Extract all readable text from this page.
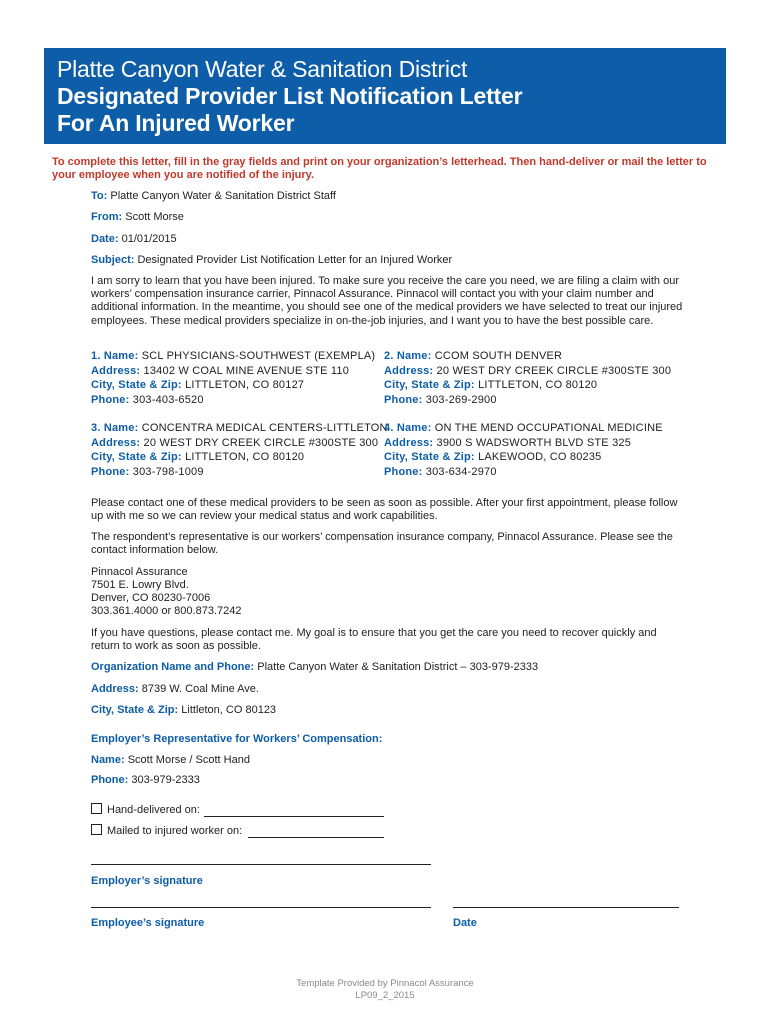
Platte Canyon Water & Sanitation District
Designated Provider List Notification Letter
For An Injured Worker
To complete this letter, fill in the gray fields and print on your organization’s letterhead. Then hand-deliver or mail the letter to your employee when you are notified of the injury.
To: Platte Canyon Water & Sanitation District Staff
From: Scott Morse
Date: 01/01/2015
Subject: Designated Provider List Notification Letter for an Injured Worker
I am sorry to learn that you have been injured. To make sure you receive the care you need, we are filing a claim with our workers’ compensation insurance carrier, Pinnacol Assurance. Pinnacol will contact you with your claim number and additional information. In the meantime, you should see one of the medical providers we have selected to treat our injured employees. These medical providers specialize in on-the-job injuries, and I want you to have the best possible care.
1. Name: SCL PHYSICIANS-SOUTHWEST (EXEMPLA)
Address: 13402 W COAL MINE AVENUE STE 110
City, State & Zip: LITTLETON, CO 80127
Phone: 303-403-6520
2. Name: CCOM SOUTH DENVER
Address: 20 WEST DRY CREEK CIRCLE #300STE 300
City, State & Zip: LITTLETON, CO 80120
Phone: 303-269-2900
3. Name: CONCENTRA MEDICAL CENTERS-LITTLETON
Address: 20 WEST DRY CREEK CIRCLE #300STE 300
City, State & Zip: LITTLETON, CO 80120
Phone: 303-798-1009
4. Name: ON THE MEND OCCUPATIONAL MEDICINE
Address: 3900 S WADSWORTH BLVD STE 325
City, State & Zip: LAKEWOOD, CO 80235
Phone: 303-634-2970
Please contact one of these medical providers to be seen as soon as possible. After your first appointment, please follow up with me so we can review your medical status and work capabilities.
The respondent’s representative is our workers’ compensation insurance company, Pinnacol Assurance. Please see the contact information below.
Pinnacol Assurance
7501 E. Lowry Blvd.
Denver, CO 80230-7006
303.361.4000 or 800.873.7242
If you have questions, please contact me. My goal is to ensure that you get the care you need to recover quickly and return to work as soon as possible.
Organization Name and Phone: Platte Canyon Water & Sanitation District – 303-979-2333
Address: 8739 W. Coal Mine Ave.
City, State & Zip: Littleton, CO 80123
Employer’s Representative for Workers’ Compensation:
Name: Scott Morse / Scott Hand
Phone: 303-979-2333
Hand-delivered on:
Mailed to injured worker on:
Employer’s signature
Employee’s signature	Date
Template Provided by Pinnacol Assurance
LP09_2_2015
